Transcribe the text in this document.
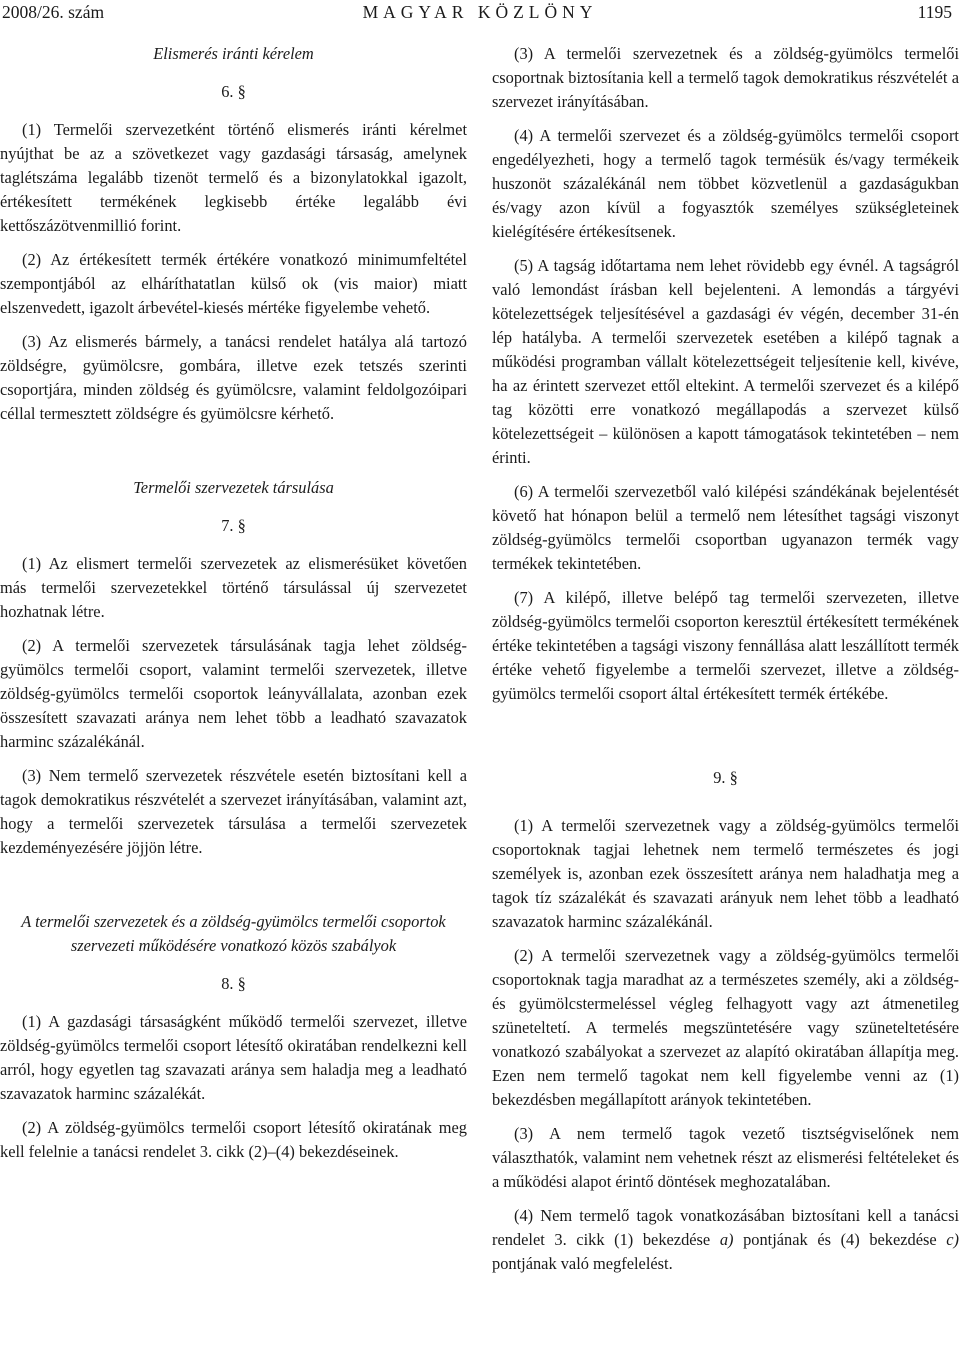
2008/26. szám	MAGYAR KÖZLÖNY	1195
Elismerés iránti kérelem
6. §

(1) Termelői szervezetként történő elismerés iránti kérelmet nyújthat be az a szövetkezet vagy gazdasági társaság, amelynek taglétszáma legalább tizenöt termelő és a bizonylatokkal igazolt, értékesített termékének legkisebb értéke legalább évi kettőszázötvenmillió forint.

(2) Az értékesített termék értékére vonatkozó minimumfeltétel szempontjából az elháríthatatlan külső ok (vis maior) miatt elszenvedett, igazolt árbevétel-kiesés mértéke figyelembe vehető.

(3) Az elismerés bármely, a tanácsi rendelet hatálya alá tartozó zöldségre, gyümölcsre, gombára, illetve ezek tetszés szerinti csoportjára, minden zöldség és gyümölcsre, valamint feldolgozóipari céllal termesztett zöldségre és gyümölcsre kérhető.

Termelői szervezetek társulása
7. §

(1) Az elismert termelői szervezetek az elismerésüket követően más termelői szervezetekkel történő társulással új szervezetet hozhatnak létre.

(2) A termelői szervezetek társulásának tagja lehet zöldség-gyümölcs termelői csoport, valamint termelői szervezetek, illetve zöldség-gyümölcs termelői csoportok leányvállalata, azonban ezek összesített szavazati aránya nem lehet több a leadható szavazatok harminc százalékánál.

(3) Nem termelő szervezetek részvétele esetén biztosítani kell a tagok demokratikus részvételét a szervezet irányításában, valamint azt, hogy a termelői szervezetek társulása a termelői szervezetek kezdeményezésére jöjjön létre.

A termelői szervezetek és a zöldség-gyümölcs termelői csoportok szervezeti működésére vonatkozó közös szabályok
8. §

(1) A gazdasági társaságként működő termelői szervezet, illetve zöldség-gyümölcs termelői csoport létesítő okiratában rendelkezni kell arról, hogy egyetlen tag szavazati aránya sem haladja meg a leadható szavazatok harminc százalékát.

(2) A zöldség-gyümölcs termelői csoport létesítő okiratának meg kell felelnie a tanácsi rendelet 3. cikk (2)–(4) bekezdéseinek.

(3) A termelői szervezetnek és a zöldség-gyümölcs termelői csoportnak biztosítania kell a termelő tagok demokratikus részvételét a szervezet irányításában.

(4) A termelői szervezet és a zöldség-gyümölcs termelői csoport engedélyezheti, hogy a termelő tagok termésük és/vagy termékeik huszonöt százalékánál nem többet közvetlenül a gazdaságukban és/vagy azon kívül a fogyasztók személyes szükségleteinek kielégítésére értékesítsenek.

(5) A tagság időtartama nem lehet rövidebb egy évnél. A tagságról való lemondást írásban kell bejelenteni. A lemondás a tárgyévi kötelezettségek teljesítésével a gazdasági év végén, december 31-én lép hatályba. A termelői szervezetek esetében a kilépő tagnak a működési programban vállalt kötelezettségeit teljesítenie kell, kivéve, ha az érintett szervezet ettől eltekint. A termelői szervezet és a kilépő tag közötti erre vonatkozó megállapodás a szervezet külső kötelezettségeit – különösen a kapott támogatások tekintetében – nem érinti.

(6) A termelői szervezetből való kilépési szándékának bejelentését követő hat hónapon belül a termelő nem létesíthet tagsági viszonyt zöldség-gyümölcs termelői csoportban ugyanazon termék vagy termékek tekintetében.

(7) A kilépő, illetve belépő tag termelői szervezeten, illetve zöldség-gyümölcs termelői csoporton keresztül értékesített termékének értéke tekintetében a tagsági viszony fennállása alatt leszállított termék értéke vehető figyelembe a termelői szervezet, illetve a zöldség-gyümölcs termelői csoport által értékesített termék értékébe.

9. §

(1) A termelői szervezetnek vagy a zöldség-gyümölcs termelői csoportoknak tagjai lehetnek nem termelő természetes és jogi személyek is, azonban ezek összesített aránya nem haladhatja meg a tagok tíz százalékát és szavazati arányuk nem lehet több a leadható szavazatok harminc százalékánál.

(2) A termelői szervezetnek vagy a zöldség-gyümölcs termelői csoportoknak tagja maradhat az a természetes személy, aki a zöldség- és gyümölcstermeléssel végleg felhagyott vagy azt átmenetileg szüneteltetí. A termelés megszüntetésére vagy szüneteltetésére vonatkozó szabályokat a szervezet az alapító okiratában állapítja meg. Ezen nem termelő tagokat nem kell figyelembe venni az (1) bekezdésben megállapított arányok tekintetében.

(3) A nem termelő tagok vezető tisztségviselőnek nem választhatók, valamint nem vehetnek részt az elismerési feltételeket és a működési alapot érintő döntések meghozatalában.

(4) Nem termelő tagok vonatkozásában biztosítani kell a tanácsi rendelet 3. cikk (1) bekezdése a) pontjának és (4) bekezdése c) pontjának való megfelelést.
